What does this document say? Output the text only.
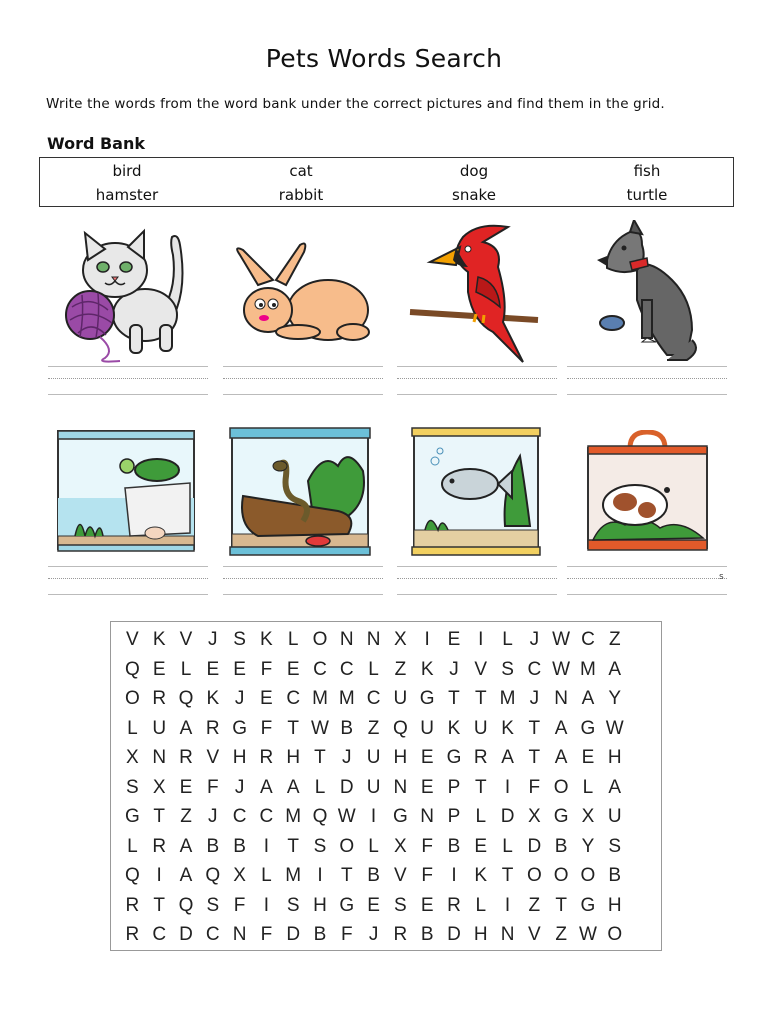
Pets Words Search
Write the words from the word bank under the correct pictures and find them in the grid.
Word Bank
bird	cat	dog	fish
hamster	rabbit	snake	turtle
s
V K V J S K L O N N X I E I L J W C Z
Q E L E E F E C C L Z K J V S C W M A
O R Q K J E C M M C U G T T M J N A Y
L U A R G F T W B Z Q U K U K T A G W
X N R V H R H T J U H E G R A T A E H
S X E F J A A L D U N E P T I F O L A
G T Z J C C M Q W I G N P L D X G X U
L R A B B I T S O L X F B E L D B Y S
Q I A Q X L M I T B V F I K T O O O B
R T Q S F I S H G E S E R L I Z T G H
R C D C N F D B F J R B D H N V Z W O
